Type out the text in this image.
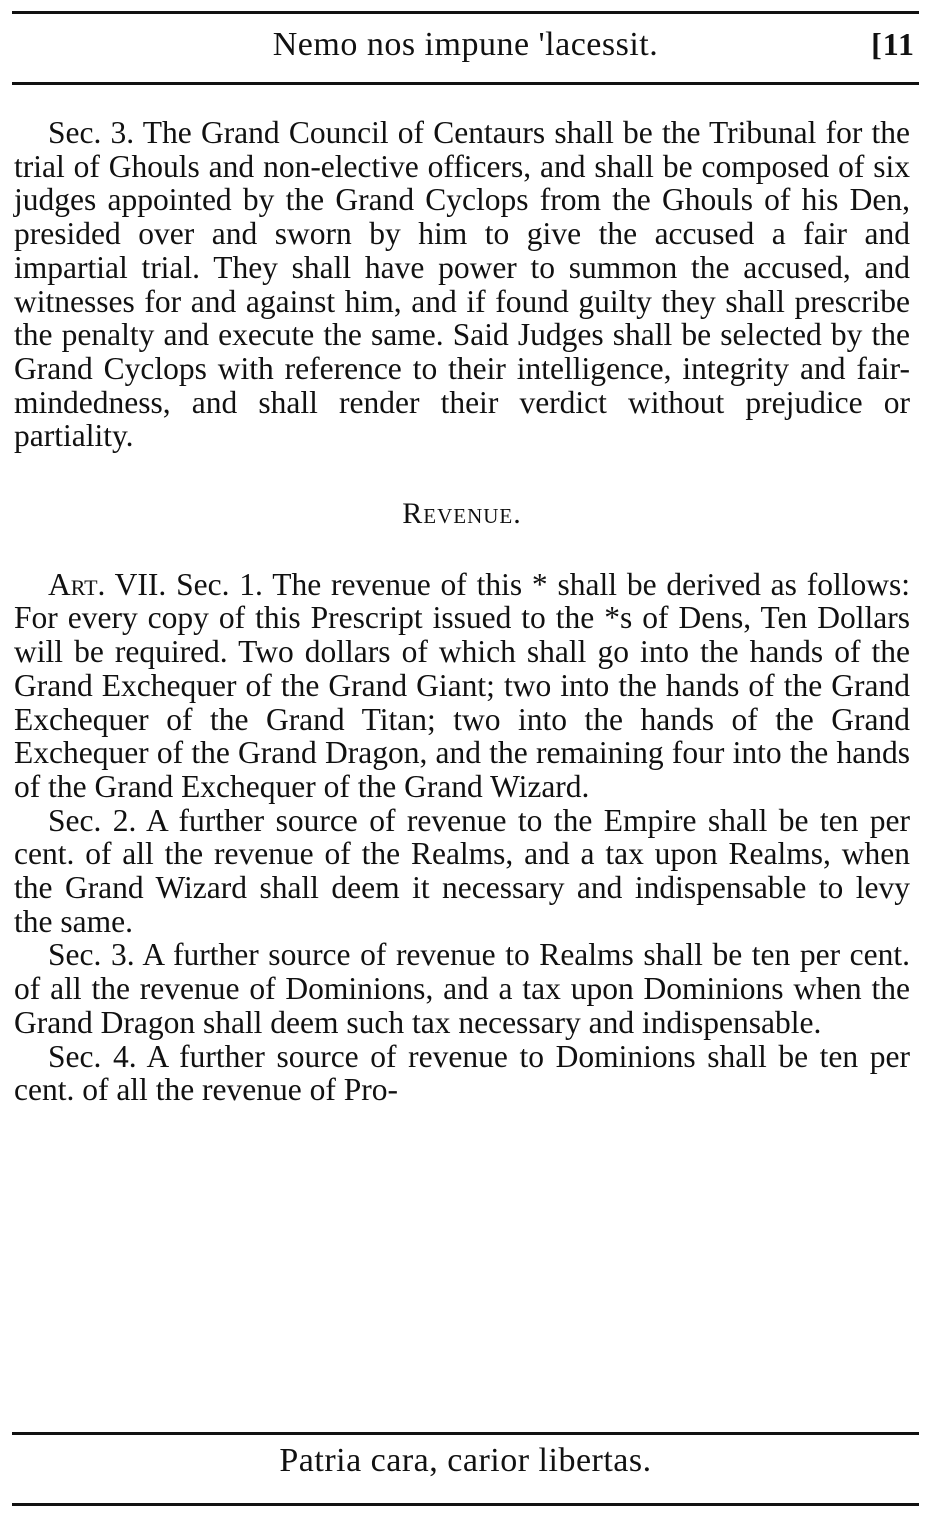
Nemo nos impune 'lacessit.	[11

Sec. 3. The Grand Council of Centaurs shall be the Tribunal for the trial of Ghouls and non-elective officers, and shall be composed of six judges appointed by the Grand Cyclops from the Ghouls of his Den, presided over and sworn by him to give the accused a fair and impartial trial. They shall have power to summon the accused, and witnesses for and against him, and if found guilty they shall prescribe the penalty and execute the same. Said Judges shall be selected by the Grand Cyclops with reference to their intelligence, integrity and fair-mindedness, and shall render their verdict without prejudice or partiality.

Revenue.

Art. VII. Sec. 1. The revenue of this * shall be derived as follows: For every copy of this Prescript issued to the *s of Dens, Ten Dollars will be required. Two dollars of which shall go into the hands of the Grand Exchequer of the Grand Giant; two into the hands of the Grand Exchequer of the Grand Titan; two into the hands of the Grand Exchequer of the Grand Dragon, and the remaining four into the hands of the Grand Exchequer of the Grand Wizard.

Sec. 2. A further source of revenue to the Empire shall be ten per cent. of all the revenue of the Realms, and a tax upon Realms, when the Grand Wizard shall deem it necessary and indispensable to levy the same.

Sec. 3. A further source of revenue to Realms shall be ten per cent. of all the revenue of Dominions, and a tax upon Dominions when the Grand Dragon shall deem such tax necessary and indispensable.

Sec. 4. A further source of revenue to Dominions shall be ten per cent. of all the revenue of Pro-

Patria cara, carior libertas.
